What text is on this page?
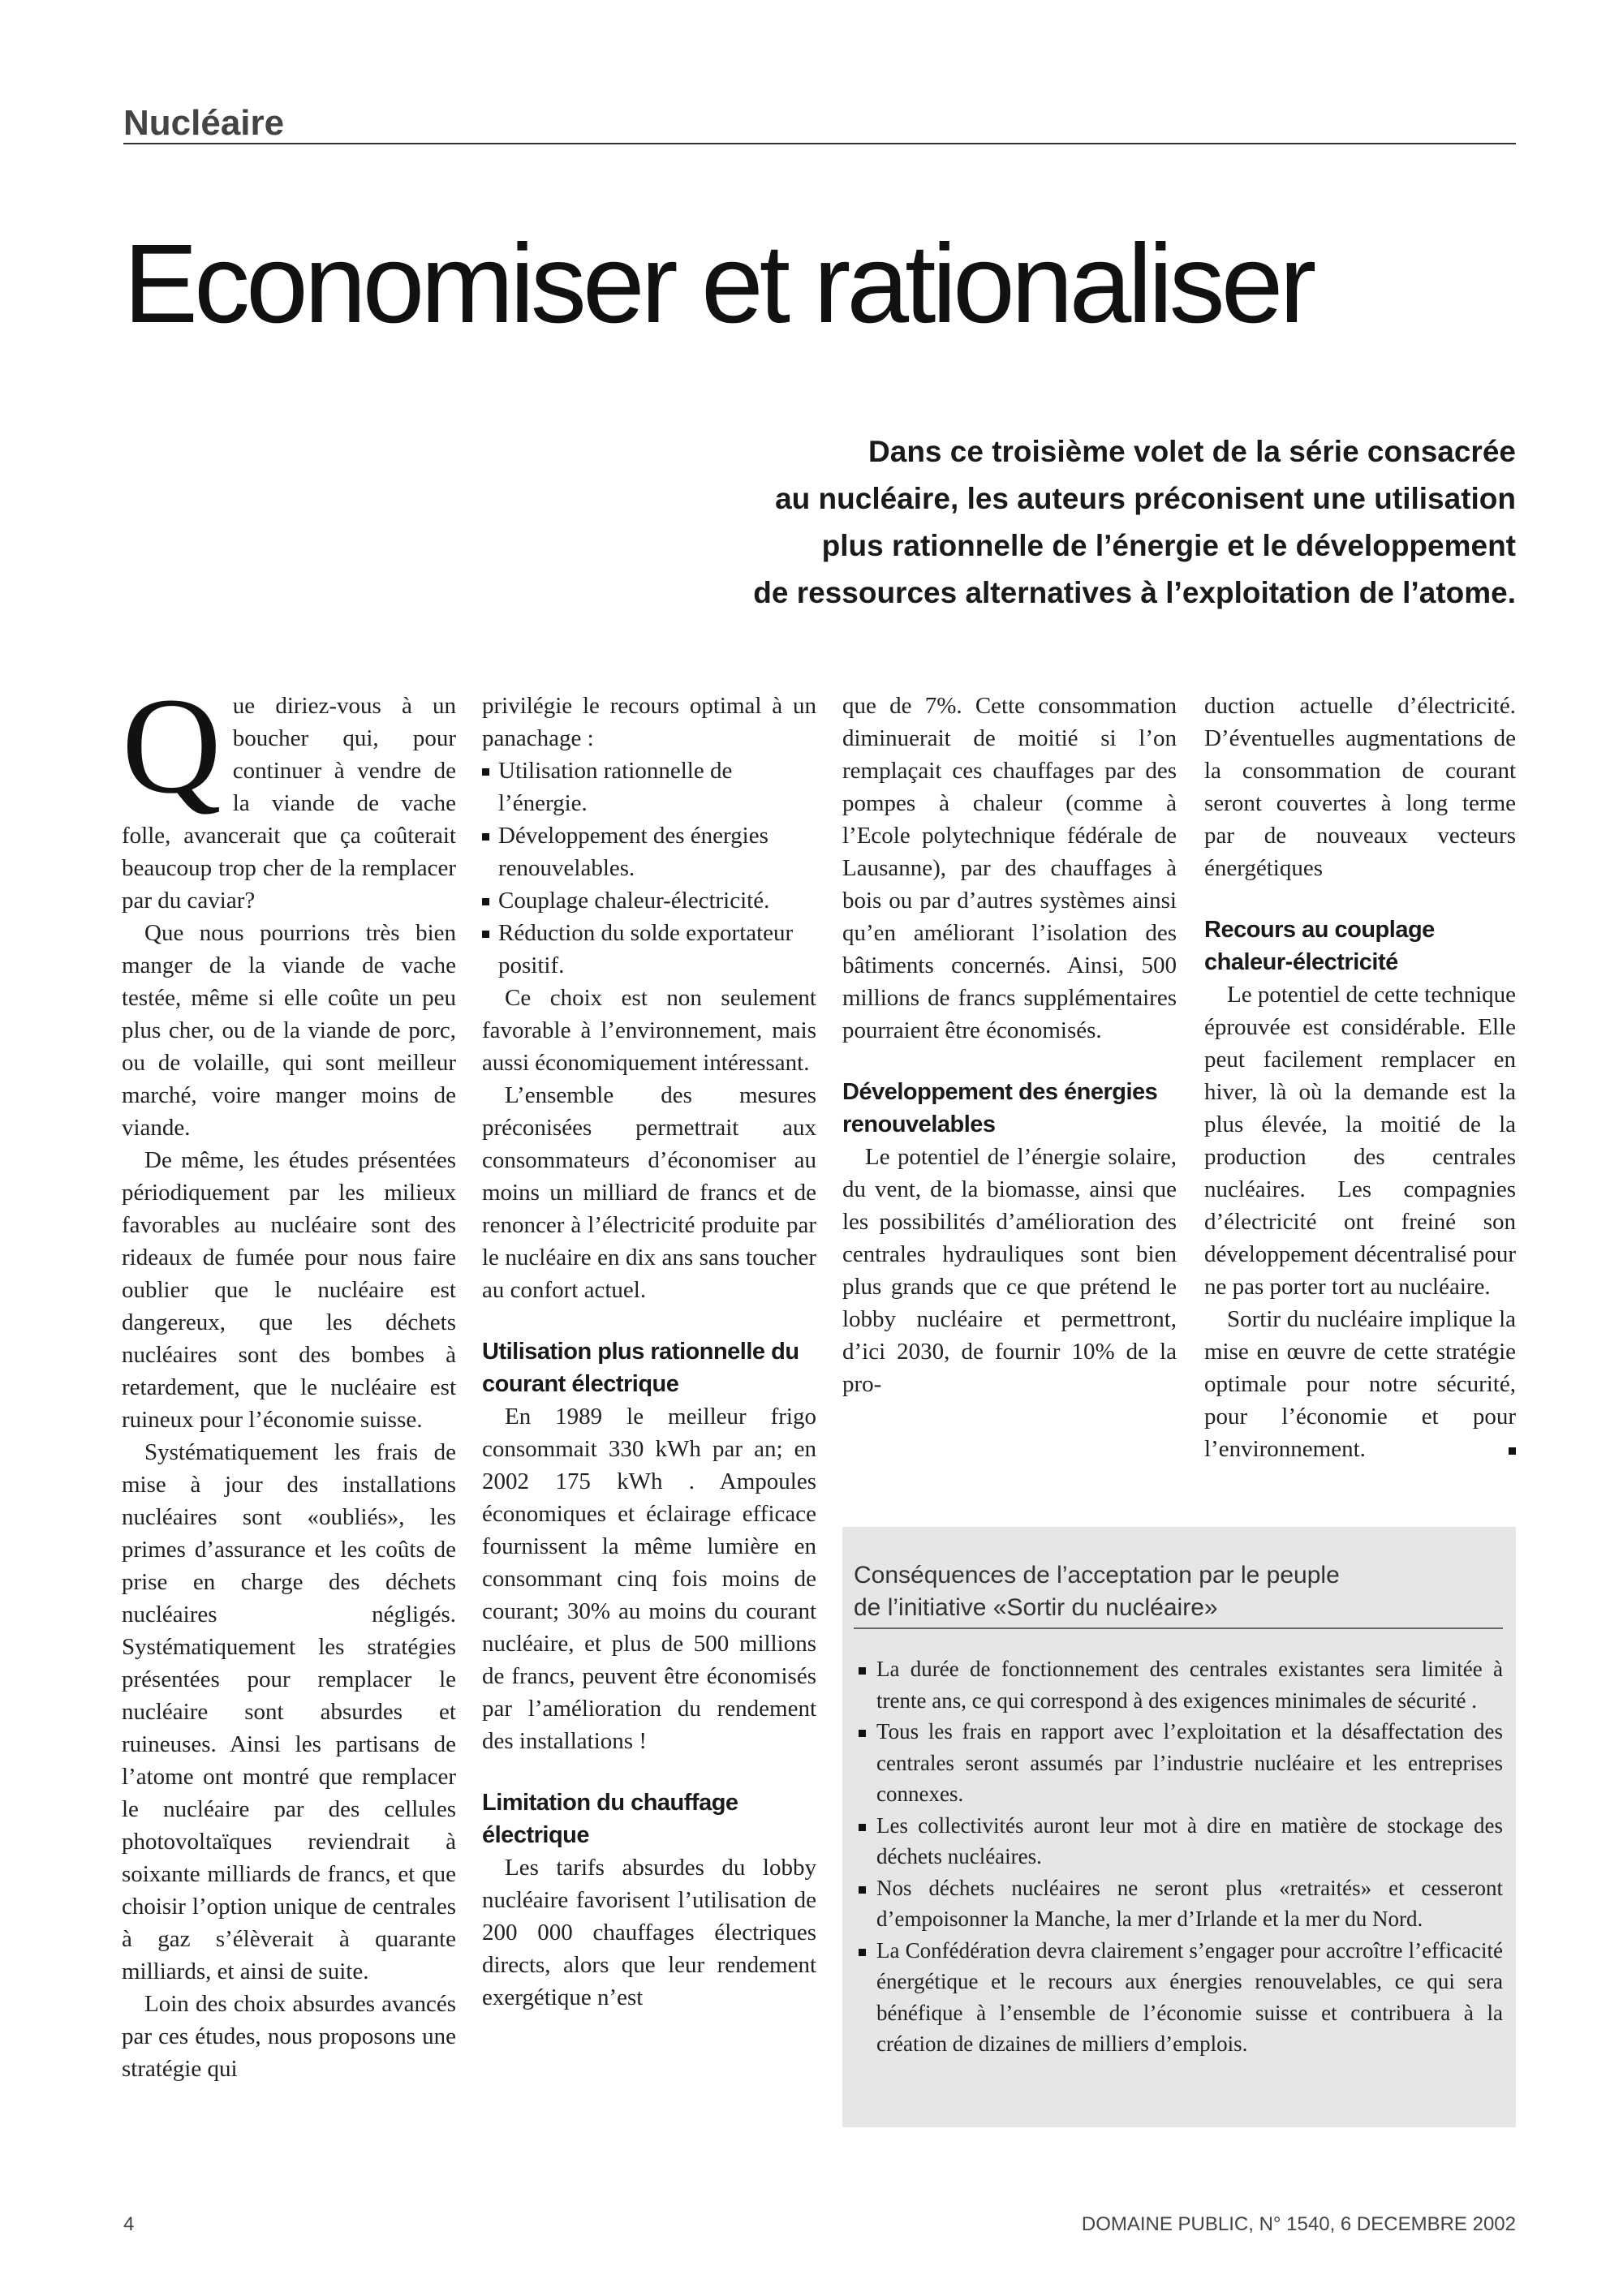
Nucléaire
Economiser et rationaliser
Dans ce troisième volet de la série consacrée
au nucléaire, les auteurs préconisent une utilisation
plus rationnelle de l’énergie et le développement
de ressources alternatives à l’exploitation de l’atome.

Que diriez-vous à un boucher qui, pour continuer à vendre de la viande de vache folle, avancerait que ça coûterait beaucoup trop cher de la remplacer par du caviar?

Que nous pourrions très bien manger de la viande de vache testée, même si elle coûte un peu plus cher, ou de la viande de porc, ou de volaille, qui sont meilleur marché, voire manger moins de viande.

De même, les études présentées périodiquement par les milieux favorables au nucléaire sont des rideaux de fumée pour nous faire oublier que le nucléaire est dangereux, que les déchets nucléaires sont des bombes à retardement, que le nucléaire est ruineux pour l’économie suisse.

Systématiquement les frais de mise à jour des installations nucléaires sont «oubliés», les primes d’assurance et les coûts de prise en charge des déchets nucléaires négligés. Systématiquement les stratégies présentées pour remplacer le nucléaire sont absurdes et ruineuses. Ainsi les partisans de l’atome ont montré que remplacer le nucléaire par des cellules photovoltaïques reviendrait à soixante milliards de francs, et que choisir l’option unique de centrales à gaz s’élèverait à quarante milliards, et ainsi de suite.

Loin des choix absurdes avancés par ces études, nous proposons une stratégie qui

privilégie le recours optimal à un panachage :

Utilisation rationnelle de l’énergie.
Développement des énergies renouvelables.
Couplage chaleur-électricité.
Réduction du solde exportateur positif.

Ce choix est non seulement favorable à l’environnement, mais aussi économiquement intéressant.

L’ensemble des mesures préconisées permettrait aux consommateurs d’économiser au moins un milliard de francs et de renoncer à l’électricité produite par le nucléaire en dix ans sans toucher au confort actuel.

Utilisation plus rationnelle du courant électrique

En 1989 le meilleur frigo consommait 330 kWh par an; en 2002 175 kWh . Ampoules économiques et éclairage efficace fournissent la même lumière en consommant cinq fois moins de courant; 30% au moins du courant nucléaire, et plus de 500 millions de francs, peuvent être économisés par l’amélioration du rendement des installations !

Limitation du chauffage électrique

Les tarifs absurdes du lobby nucléaire favorisent l’utilisation de 200 000 chauffages électriques directs, alors que leur rendement exergétique n’est

que de 7%. Cette consommation diminuerait de moitié si l’on remplaçait ces chauffages par des pompes à chaleur (comme à l’Ecole polytechnique fédérale de Lausanne), par des chauffages à bois ou par d’autres systèmes ainsi qu’en améliorant l’isolation des bâtiments concernés. Ainsi, 500 millions de francs supplémentaires pourraient être économisés.

Développement des énergies renouvelables

Le potentiel de l’énergie solaire, du vent, de la biomasse, ainsi que les possibilités d’amélioration des centrales hydrauliques sont bien plus grands que ce que prétend le lobby nucléaire et permettront, d’ici 2030, de fournir 10% de la pro-

duction actuelle d’électricité. D’éventuelles augmentations de la consommation de courant seront couvertes à long terme par de nouveaux vecteurs énergétiques

Recours au couplage chaleur-électricité

Le potentiel de cette technique éprouvée est considérable. Elle peut facilement remplacer en hiver, là où la demande est la plus élevée, la moitié de la production des centrales nucléaires. Les compagnies d’électricité ont freiné son développement décentralisé pour ne pas porter tort au nucléaire.

Sortir du nucléaire implique la mise en œuvre de cette stratégie optimale pour notre sécurité, pour l’économie et pour l’environnement.

Conséquences de l’acceptation par le peuple
de l’initiative «Sortir du nucléaire»
La durée de fonctionnement des centrales existantes sera limitée à trente ans, ce qui correspond à des exigences minimales de sécurité .
Tous les frais en rapport avec l’exploitation et la désaffectation des centrales seront assumés par l’industrie nucléaire et les entreprises connexes.
Les collectivités auront leur mot à dire en matière de stockage des déchets nucléaires.
Nos déchets nucléaires ne seront plus «retraités» et cesseront d’empoisonner la Manche, la mer d’Irlande et la mer du Nord.
La Confédération devra clairement s’engager pour accroître l’efficacité énergétique et le recours aux énergies renouvelables, ce qui sera bénéfique à l’ensemble de l’économie suisse et contribuera à la création de dizaines de milliers d’emplois.
4	DOMAINE PUBLIC, N° 1540, 6 DECEMBRE 2002
